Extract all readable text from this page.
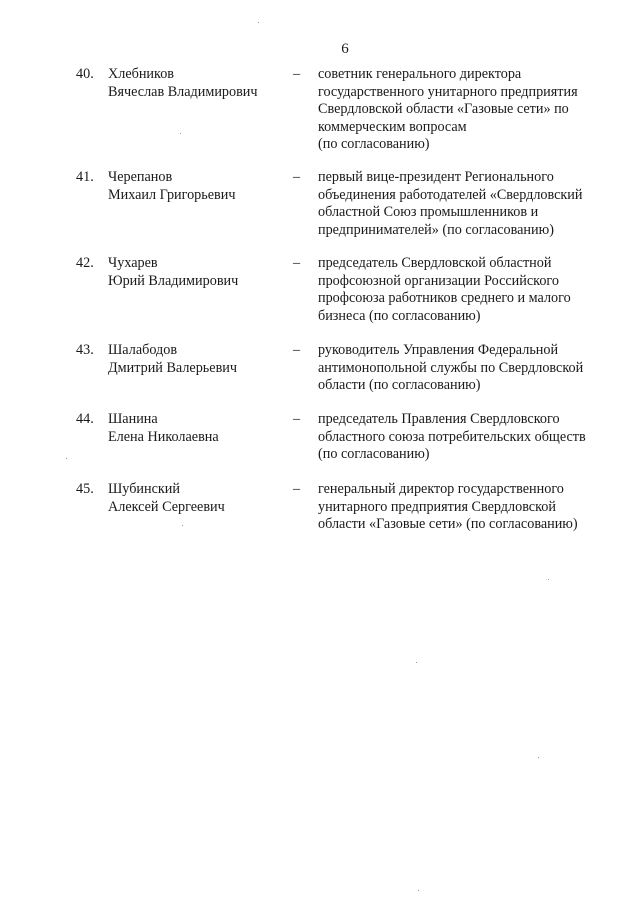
6
40.	Хлебников
Вячеслав Владимирович
–	советник генерального директора
государственного унитарного предприятия
Свердловской области «Газовые сети» по
коммерческим вопросам
(по согласованию)
41.	Черепанов
Михаил Григорьевич
–	первый вице-президент Регионального
объединения работодателей «Свердловский
областной Союз промышленников и
предпринимателей» (по согласованию)
42.	Чухарев
Юрий Владимирович
–	председатель Свердловской областной
профсоюзной организации Российского
профсоюза работников среднего и малого
бизнеса (по согласованию)
43.	Шалабодов
Дмитрий Валерьевич
–	руководитель Управления Федеральной
антимонопольной службы по Свердловской
области (по согласованию)
44.	Шанина
Елена Николаевна
–	председатель Правления Свердловского
областного союза потребительских обществ
(по согласованию)
45.	Шубинский
Алексей Сергеевич
–	генеральный директор государственного
унитарного предприятия Свердловской
области «Газовые сети» (по согласованию)
